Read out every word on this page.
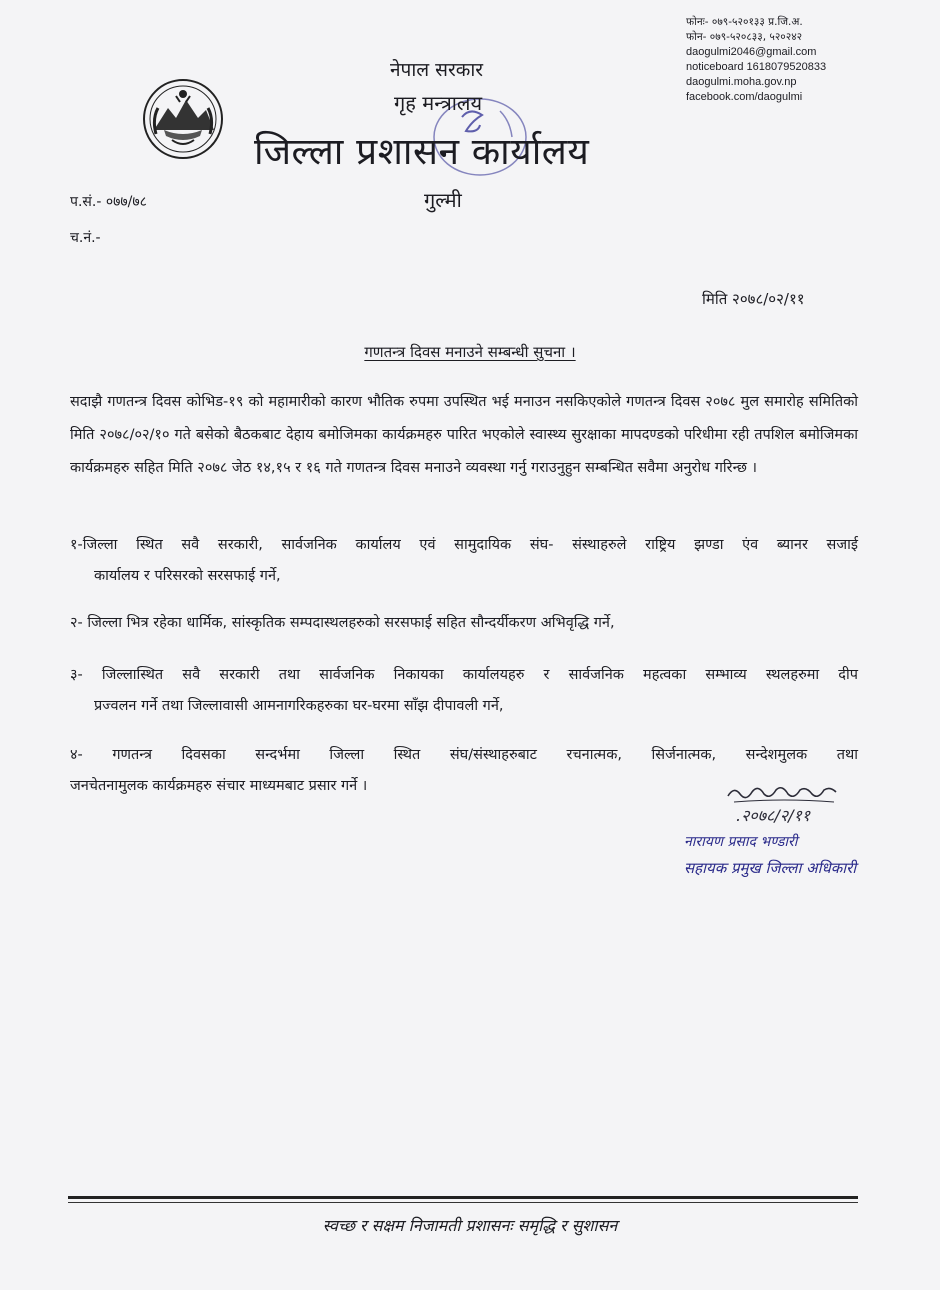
नेपाल सरकार
गृह मन्त्रालय
जिल्ला प्रशासन कार्यालय
गुल्मी
फोनः- ०७९-५२०१३३ प्र.जि.अ.
फोन- ०७९-५२०८३३, ५२०२४२
daogulmi2046@gmail.com
noticeboard 1618079520833
daogulmi.moha.gov.np
facebook.com/daogulmi
प.सं.- ०७७/७८
च.नं.-
मिति २०७८/०२/११
गणतन्त्र दिवस मनाउने सम्बन्धी सुचना ।
सदाझै गणतन्त्र दिवस कोभिड-१९ को महामारीको कारण भौतिक रुपमा उपस्थित भई मनाउन नसकिएकोले गणतन्त्र दिवस २०७८ मुल समारोह समितिको मिति २०७८/०२/१० गते बसेको बैठकबाट देहाय बमोजिमका कार्यक्रमहरु पारित भएकोले स्वास्थ्य सुरक्षाका मापदण्डको परिधीमा रही तपशिल बमोजिमका कार्यक्रमहरु सहित मिति २०७८ जेठ १४,१५ र १६ गते गणतन्त्र दिवस मनाउने व्यवस्था गर्नु गराउनुहुन सम्बन्धित सवैमा अनुरोध गरिन्छ ।
१-जिल्ला स्थित सवै सरकारी, सार्वजनिक कार्यालय एवं सामुदायिक संघ- संस्थाहरुले राष्ट्रिय झण्डा एंव ब्यानर सजाई
कार्यालय र परिसरको सरसफाई गर्ने,
२- जिल्ला भित्र रहेका धार्मिक, सांस्कृतिक सम्पदास्थलहरुको सरसफाई सहित सौन्दर्यीकरण अभिवृद्धि गर्ने,
३- जिल्लास्थित सवै सरकारी तथा सार्वजनिक निकायका कार्यालयहरु र सार्वजनिक महत्वका सम्भाव्य स्थलहरुमा दीप
प्रज्वलन गर्ने तथा जिल्लावासी आमनागरिकहरुका घर-घरमा साँझ दीपावली गर्ने,
४- गणतन्त्र दिवसका सन्दर्भमा जिल्ला स्थित संघ/संस्थाहरुबाट रचनात्मक, सिर्जनात्मक, सन्देशमुलक तथा
जनचेतनामुलक कार्यक्रमहरु संचार माध्यमबाट प्रसार गर्ने ।
.२०७८/२/११
नारायण प्रसाद भण्डारी
सहायक प्रमुख जिल्ला अधिकारी
स्वच्छ र सक्षम निजामती प्रशासनः समृद्धि र सुशासन
